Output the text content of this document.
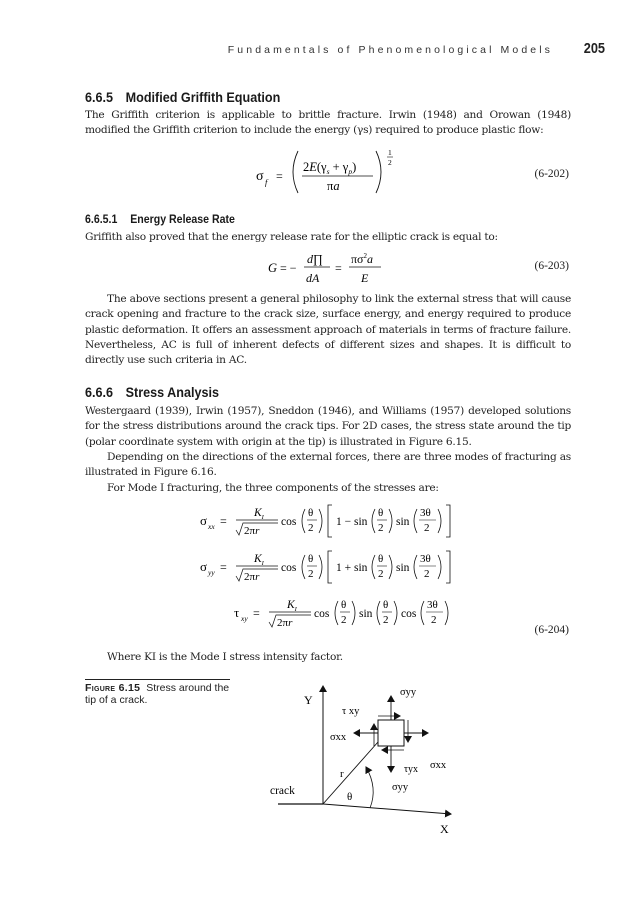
Fundamentals of Phenomenological Models 205
6.6.5 Modified Griffith Equation

The Griffith criterion is applicable to brittle fracture. Irwin (1948) and Orowan (1948) modified the Griffith criterion to include the energy (γs) required to produce plastic flow:

σ f =
$2E(\gamma_s + \gamma_p)$
πa
1
2
(6-202)
6.6.5.1 Energy Release Rate

Griffith also proved that the energy release rate for the elliptic crack is equal to:

G = −
d∏
dA
=
$\pi\sigma^2a$
E
(6-203)

The above sections present a general philosophy to link the external stress that will cause crack opening and fracture to the crack size, surface energy, and energy required to produce plastic deformation. It offers an assessment approach of materials in terms of fracture failure. Nevertheless, AC is full of inherent defects of different sizes and shapes. It is difficult to directly use such criteria in AC.

6.6.6 Stress Analysis

Westergaard (1939), Irwin (1957), Sneddon (1946), and Williams (1957) developed solutions for the stress distributions around the crack tips. For 2D cases, the stress state around the tip (polar coordinate system with origin at the tip) is illustrated in Figure 6.15.

Depending on the directions of the external forces, there are three modes of fracturing as illustrated in Figure 6.16.

For Mode I fracturing, the three components of the stresses are:

σ xx =
$K_I$
2πr
cos
θ
2 1 − sin
θ
2 sin
3θ
2
σ yy =
$K_I$
2πr
cos
θ
2 1 + sin
θ
2 sin
3θ
2
τ xy =
$K_I$
2πr
cos
θ
2 sin
θ
2 cos
3θ
2
(6-204)

Where KI is the Mode I stress intensity factor.

Figure 6.15 Stress around the tip of a crack.	Y
X
crack
r
θ
σyy
σyy
σxx
σxx
τ xy
τyx
